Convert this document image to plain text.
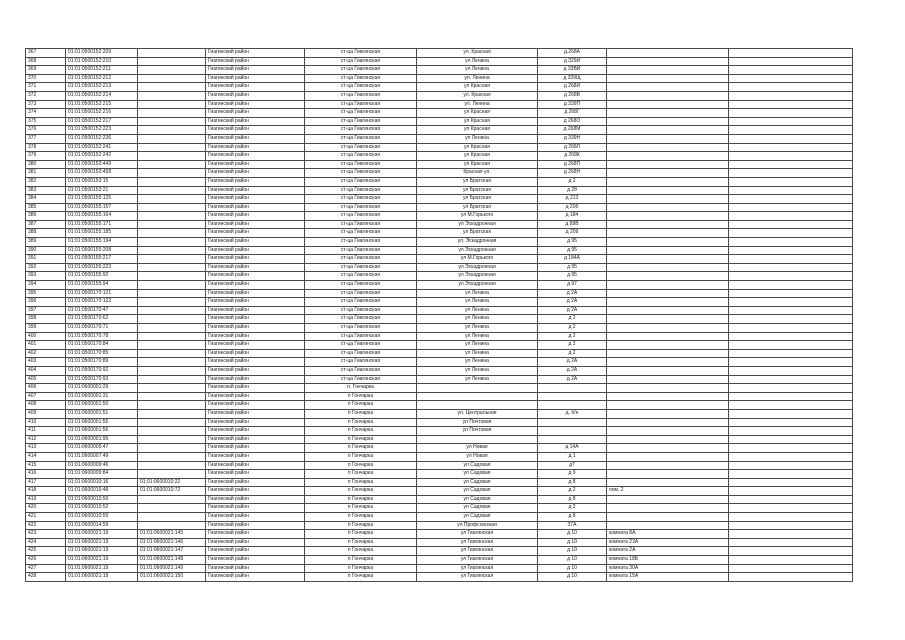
367	01:01:0500152:209		Гиагинский район	ст-ца Гиагинская	ул. Красная	д.268А		
368	01:01:0500152:210		Гиагинский район	ст-ца Гиагинская	ул Ленина	д 329И		
369	01:01:0500152:211		Гиагинский район	ст-ца Гиагинская	ул Ленина	д 33ВИ		
370	01:01:0500152:212		Гиагинский район	ст-ца Гиагинская	ул. Ленина	д 339Щ		
371	01:01:0500152:213		Гиагинский район	ст-ца Гиагинская	ул Красная	д 268И		
372	01:01:0500152:214		Гиагинский район	ст-ца Гиагинская	ул. Красная	д 268В		
373	01:01:0500152:215		Гиагинский район	ст-ца Гиагинская	ул. Ленина	д 339П		
374	01:01:0500152:216		Гиагинский район	ст-ца Гиагинская	ул Красная	д 268Г		
375	01:01:0500152:217		Гиагинский район	ст-ца Гиагинская	ул Красная	д 268О		
376	01:01:0500152:223		Гиагинский район	ст-ца Гиагинская	ул Красная	д 268М		
377	01:01:0500152:236		Гиагинский район	ст-ца Гиагинская	ул Ленина	д 339Н		
378	01:01:0500152:241		Гиагинский район	ст-ца Гиагинская	ул Красная	д 268Л		
379	01:01:0500152:242		Гиагинский район	ст-ца Гиагинская	ул Красная	д 268К		
380	01:01:0500152:449		Гиагинский район	ст-ца Гиагинская	ул Красная	д 268П		
381	01:01:0500152:458		Гиагинский район	ст-ца Гиагинская	Красная ул.	д 268Н		
382	01:01:0500153:15		Гиагинский район	ст-ца Гиагинская	ул Братская	д 2		
383	01:01:0500153:21		Гиагинский район	ст-ца Гиагинская	ул Братская	д 28		
384	01:01:0500155:125		Гиагинский район	ст-ца Гиагинская	ул Братская	д 213		
385	01:01:0500155:157		Гиагинский район	ст-ца Гиагинская	ул Братская	д 20б		
386	01:01:0500155:164		Гиагинский район	ст-ца Гиагинская	ул М.Горького	д 184		
387	01:01:0500155:171		Гиагинский район	ст-ца Гиагинская	ул Эскадронная	д 89В		
388	01:01:0500155:185		Гиагинский район	ст-ца Гиагинская	ул Братская	д 209		
389	01:01:0500155:194		Гиагинский район	ст-ца Гиагинская	ул. Эскадронная	д 95		
390	01:01:0500155:208		Гиагинский район	ст-ца Гиагинская	ул Эскадронная	д 95		
391	01:01:0500155:217		Гиагинский район	ст-ца Гиагинская	ул М.Горького	д 184А		
392	01:01:0500155:223		Гиагинский район	ст-ца Гиагинская	ул Эскадронная	д 95		
393	01:01:0500155:92		Гиагинский район	ст-ца Гиагинская	ул Эскадронная	д 95		
394	01:01:0500155:94		Гиагинский район	ст-ца Гиагинская	ул Эскадронная	д 97		
395	01:01:0500170:121		Гиагинский район	ст-ца Гиагинская	ул Ленина	д 2А		
396	01:01:0500170:122		Гиагинский район	ст-ца Гиагинская	ул Ленина	д 2А		
397	01:01:0500170:47		Гиагинский район	ст-ца Гиагинская	ул Ленина	д 2А		
398	01:01:0500170:62		Гиагинский район	ст-ца Гиагинская	ул Ленина	д 2		
399	01:01:0500170:71		Гиагинский район	ст-ца Гиагинская	ул Ленина	д 2		
400	01:01:0500170:78		Гиагинский район	ст-ца Гиагинская	ул Ленина	д 2		
401	01:01:0500170:84		Гиагинский район	ст-ца Гиагинская	ул Ленина	д 2		
402	01:01:0500170:85		Гиагинский район	ст-ца Гиагинская	ул Ленина	д 2		
403	01:01:0500170:89		Гиагинский район	ст-ца Гиагинская	ул Ленина	д 2А		
404	01:01:0500170:92		Гиагинский район	ст-ца Гиагинская	ул Ленина	д 2А		
405	01:01:0500170:93		Гиагинский район	ст-ца Гиагинская	ул Ленина	д 2А		
406	01:01:0600001:29		Гиагинский район	п. Гончарка				
407	01:01:0600001:31		Гиагинский район	п Гончарка				
408	01:01:0600001:50		Гиагинский район	п Гончарка				
409	01:01:0600001:51		Гиагинский район	п Гончарка	ул. Центральная	д. б/н		
410	01:01:0600001:55		Гиагинский район	п Гончарка	ул Почтовая			
411	01:01:0600001:56		Гиагинский район	п Гончарка	ул Почтовая			
412	01:01:0600001:95		Гиагинский район	п Гончарка				
413	01:01:0600005:47		Гиагинский район	п Гончарка	ул Новая	д 14А		
414	01:01:0600007:49		Гиагинский район	п Гончарка	ул Новая	д 1		
415	01:01:0600009:46		Гиагинский район	п Гончарка	ул Садовая	д7		
416	01:01:0600009:84		Гиагинский район	п Гончарка	ул Садовая	д 9		
417	01:01:0600010:16	01:01:0600010:22	Гиагинский район	п Гончарка	ул Садовая	д 8		
418	01:01:0600010:48	01:01:0600010:72	Гиагинский район	п Гончарка	ул Садовая	д 2	пом. 2	
419	01:01:0600010:50		Гиагинский район	п Гончарка	ул Садовая	д 8		
420	01:01:0600010:52		Гиагинский район	п Гончарка	ул Садовая	д 2		
421	01:01:0600010:55		Гиагинский район	п Гончарка	ул Садовая	д 8		
422	01:01:0600014:59		Гиагинский район	п Гончарка	ул Профсоюзная	37А		
423	01:01:0600021:19	01:01:0600021:145	Гиагинский район	п Гончарка	ул Гиагинская	д 10	комната 8А	
424	01:01:0600021:19	01:01:0600021:146	Гиагинский район	п Гончарка	ул Гиагинская	д 10	комната 23А	
425	01:01:0600021:19	01:01:0600021:147	Гиагинский район	п Гончарка	ул Гиагинская	д 10	комната 2А	
426	01:01:0600021:19	01:01:0600021:148	Гиагинский район	п Гончарка	ул Гиагинская	д 10	комната 18Б	
427	01:01:0600021:19	01:01:0600021:149	Гиагинский район	п Гончарка	ул Гиагинская	д 10	комната 30А	
428	01:01:0600021:19	01:01:0600021:150	Гиагинский район	п Гончарка	ул Гиагинская	д 10	комната 15А	
